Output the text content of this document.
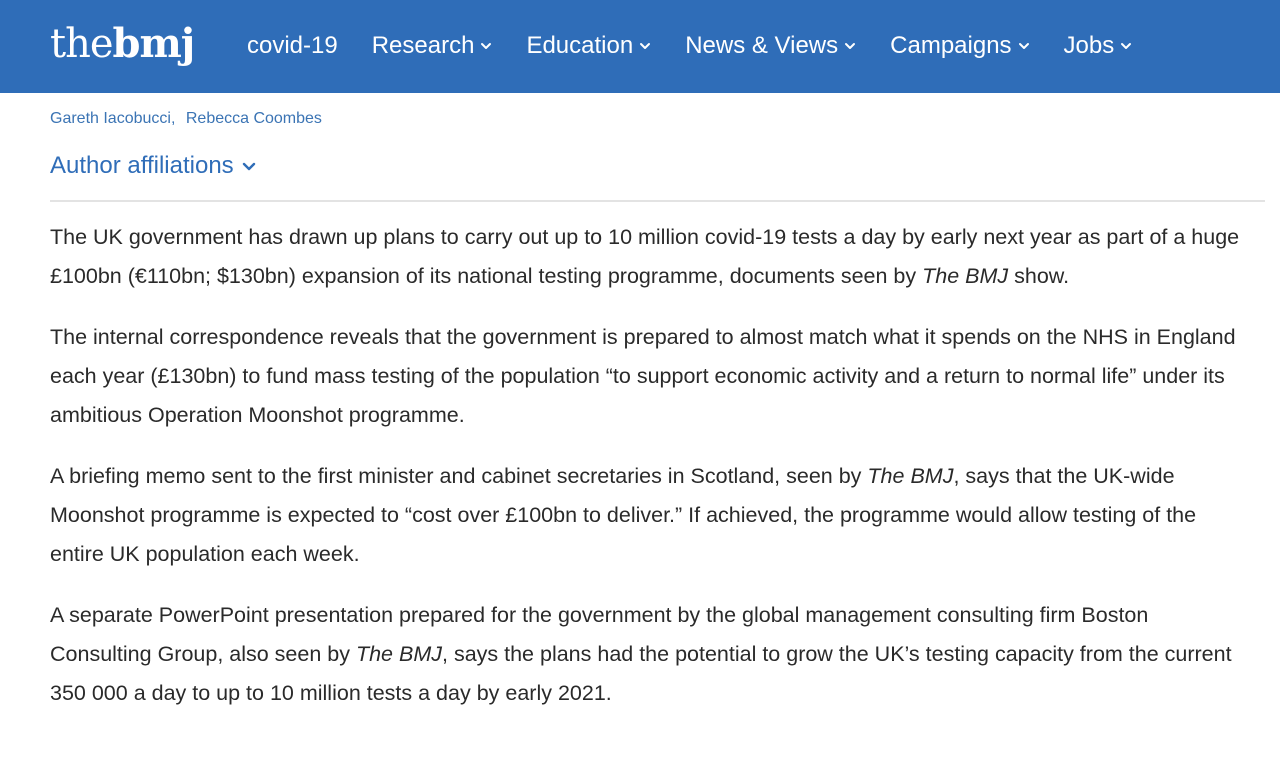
the bmj covid-19 Research Education News & Views Campaigns Jobs
Gareth Iacobucci, Rebecca Coombes
Author affiliations

The UK government has drawn up plans to carry out up to 10 million covid-19 tests a day by early next year as part of a huge £100bn (€110bn; $130bn) expansion of its national testing programme, documents seen by The BMJ show.

The internal correspondence reveals that the government is prepared to almost match what it spends on the NHS in England each year (£130bn) to fund mass testing of the population “to support economic activity and a return to normal life” under its ambitious Operation Moonshot programme.

A briefing memo sent to the first minister and cabinet secretaries in Scotland, seen by The BMJ, says that the UK-wide Moonshot programme is expected to “cost over £100bn to deliver.” If achieved, the programme would allow testing of the entire UK population each week.

A separate PowerPoint presentation prepared for the government by the global management consulting firm Boston Consulting Group, also seen by The BMJ, says the plans had the potential to grow the UK’s testing capacity from the current 350 000 a day to up to 10 million tests a day by early 2021.
